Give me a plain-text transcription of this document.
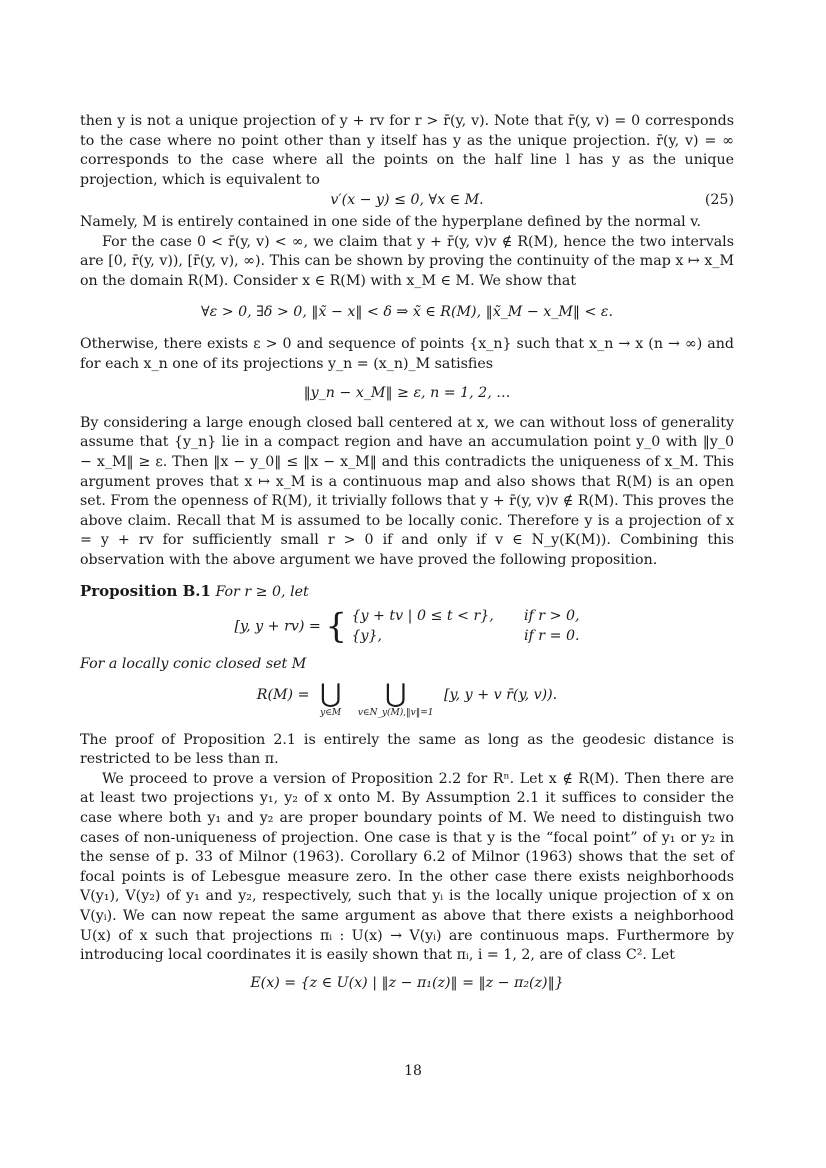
then y is not a unique projection of y + rv for r > r̄(y, v). Note that r̄(y, v) = 0 corresponds to the case where no point other than y itself has y as the unique projection. r̄(y, v) = ∞ corresponds to the case where all the points on the half line l has y as the unique projection, which is equivalent to

v′(x − y) ≤ 0, ∀x ∈ M.	(25)

Namely, M is entirely contained in one side of the hyperplane defined by the normal v.

For the case 0 < r̄(y, v) < ∞, we claim that y + r̄(y, v)v ∉ R(M), hence the two intervals are [0, r̄(y, v)), [r̄(y, v), ∞). This can be shown by proving the continuity of the map x ↦ x_M on the domain R(M). Consider x ∈ R(M) with x_M ∈ M. We show that

∀ε > 0, ∃δ > 0, ‖x̃ − x‖ < δ ⇒ x̃ ∈ R(M), ‖x̃_M − x_M‖ < ε.

Otherwise, there exists ε > 0 and sequence of points {x_n} such that x_n → x (n → ∞) and for each x_n one of its projections y_n = (x_n)_M satisfies

‖y_n − x_M‖ ≥ ε, n = 1, 2, …

By considering a large enough closed ball centered at x, we can without loss of generality assume that {y_n} lie in a compact region and have an accumulation point y_0 with ‖y_0 − x_M‖ ≥ ε. Then ‖x − y_0‖ ≤ ‖x − x_M‖ and this contradicts the uniqueness of x_M. This argument proves that x ↦ x_M is a continuous map and also shows that R(M) is an open set. From the openness of R(M), it trivially follows that y + r̄(y, v)v ∉ R(M). This proves the above claim. Recall that M is assumed to be locally conic. Therefore y is a projection of x = y + rv for sufficiently small r > 0 if and only if v ∈ N_y(K(M)). Combining this observation with the above argument we have proved the following proposition.

Proposition B.1 For r ≥ 0, let

[y, y + rv) = { {y + tv | 0 ≤ t < r}, if r > 0,
{y},	if r = 0.

For a locally conic closed set M

R(M) = ⋃
y∈M

⋃
v∈N_y(M),‖v‖=1
[y, y + v r̄(y, v)).

The proof of Proposition 2.1 is entirely the same as long as the geodesic distance is restricted to be less than π.

We proceed to prove a version of Proposition 2.2 for Rⁿ. Let x ∉ R(M). Then there are at least two projections y₁, y₂ of x onto M. By Assumption 2.1 it suffices to consider the case where both y₁ and y₂ are proper boundary points of M. We need to distinguish two cases of non-uniqueness of projection. One case is that y is the “focal point” of y₁ or y₂ in the sense of p. 33 of Milnor (1963). Corollary 6.2 of Milnor (1963) shows that the set of focal points is of Lebesgue measure zero. In the other case there exists neighborhoods V(y₁), V(y₂) of y₁ and y₂, respectively, such that yᵢ is the locally unique projection of x on V(yᵢ). We can now repeat the same argument as above that there exists a neighborhood U(x) of x such that projections πᵢ : U(x) → V(yᵢ) are continuous maps. Furthermore by introducing local coordinates it is easily shown that πᵢ, i = 1, 2, are of class C². Let

E(x) = {z ∈ U(x) | ‖z − π₁(z)‖ = ‖z − π₂(z)‖}
18
